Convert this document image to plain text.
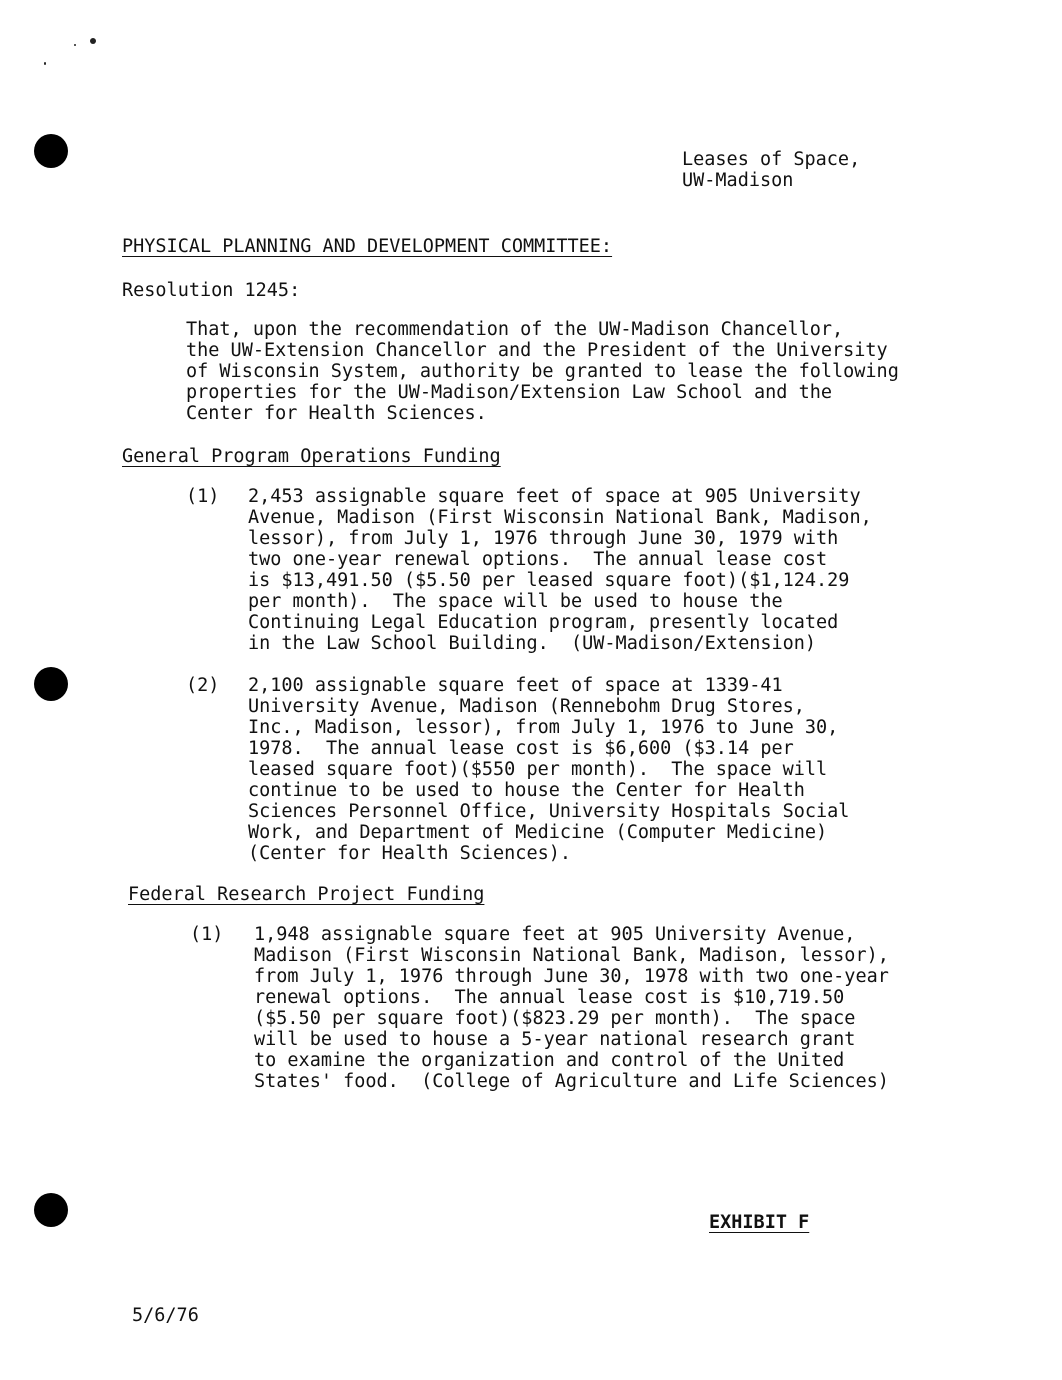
Leases of Space,
UW-Madison
PHYSICAL PLANNING AND DEVELOPMENT COMMITTEE:
Resolution 1245:
That, upon the recommendation of the UW-Madison Chancellor,
the UW-Extension Chancellor and the President of the University
of Wisconsin System, authority be granted to lease the following
properties for the UW-Madison/Extension Law School and the
Center for Health Sciences.
General Program Operations Funding
(1) 2,453 assignable square feet of space at 905 University
Avenue, Madison (First Wisconsin National Bank, Madison,
lessor), from July 1, 1976 through June 30, 1979 with
two one-year renewal options.  The annual lease cost
is $13,491.50 ($5.50 per leased square foot)($1,124.29
per month).  The space will be used to house the
Continuing Legal Education program, presently located
in the Law School Building.  (UW-Madison/Extension)
(2) 2,100 assignable square feet of space at 1339-41
University Avenue, Madison (Rennebohm Drug Stores,
Inc., Madison, lessor), from July 1, 1976 to June 30,
1978.  The annual lease cost is $6,600 ($3.14 per
leased square foot)($550 per month).  The space will
continue to be used to house the Center for Health
Sciences Personnel Office, University Hospitals Social
Work, and Department of Medicine (Computer Medicine)
(Center for Health Sciences).
Federal Research Project Funding
(1) 1,948 assignable square feet at 905 University Avenue,
Madison (First Wisconsin National Bank, Madison, lessor),
from July 1, 1976 through June 30, 1978 with two one-year
renewal options.  The annual lease cost is $10,719.50
($5.50 per square foot)($823.29 per month).  The space
will be used to house a 5-year national research grant
to examine the organization and control of the United
States' food.  (College of Agriculture and Life Sciences)
EXHIBIT F
5/6/76
